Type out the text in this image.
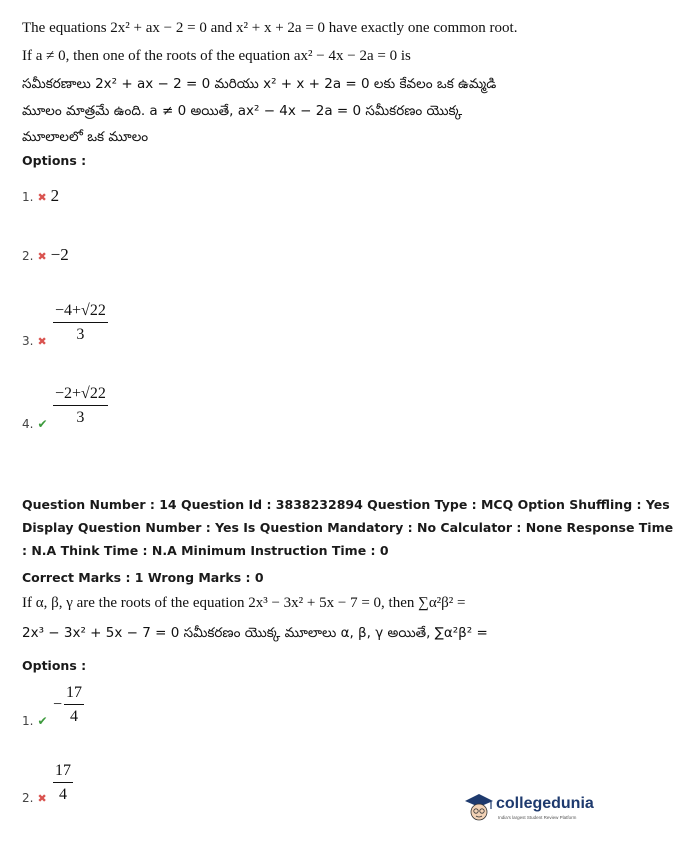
The equations 2x² + ax − 2 = 0 and x² + x + 2a = 0 have exactly one common root.
If a ≠ 0, then one of the roots of the equation ax² − 4x − 2a = 0 is
సమీకరణాలు 2x² + ax − 2 = 0 మరియు x² + x + 2a = 0 లకు కేవలం ఒక ఉమ్మడి
మూలం మాత్రమే ఉంది. a ≠ 0 అయితే, ax² − 4x − 2a = 0 సమీకరణం యొక్క
మూలాలలో ఒక మూలం
Options :
1. ✖ 2
2. ✖ −2
3. ✖ $\frac{-4+√22}{3}$
4. ✔ $\frac{-2+√22}{3}$
Question Number : 14 Question Id : 3838232894 Question Type : MCQ Option Shuffling : Yes
Display Question Number : Yes Is Question Mandatory : No Calculator : None Response Time
: N.A Think Time : N.A Minimum Instruction Time : 0
Correct Marks : 1 Wrong Marks : 0
If α, β, γ are the roots of the equation 2x³ − 3x² + 5x − 7 = 0, then ∑α²β² =
2x³ − 3x² + 5x − 7 = 0 సమీకరణం యొక్క మూలాలు α, β, γ అయితే, ∑α²β² =
Options :
1. ✔
− $\frac{17}{4}$
2. ✖ $\frac{17}{4}$	collegedunia
India's largest Student Review Platform
